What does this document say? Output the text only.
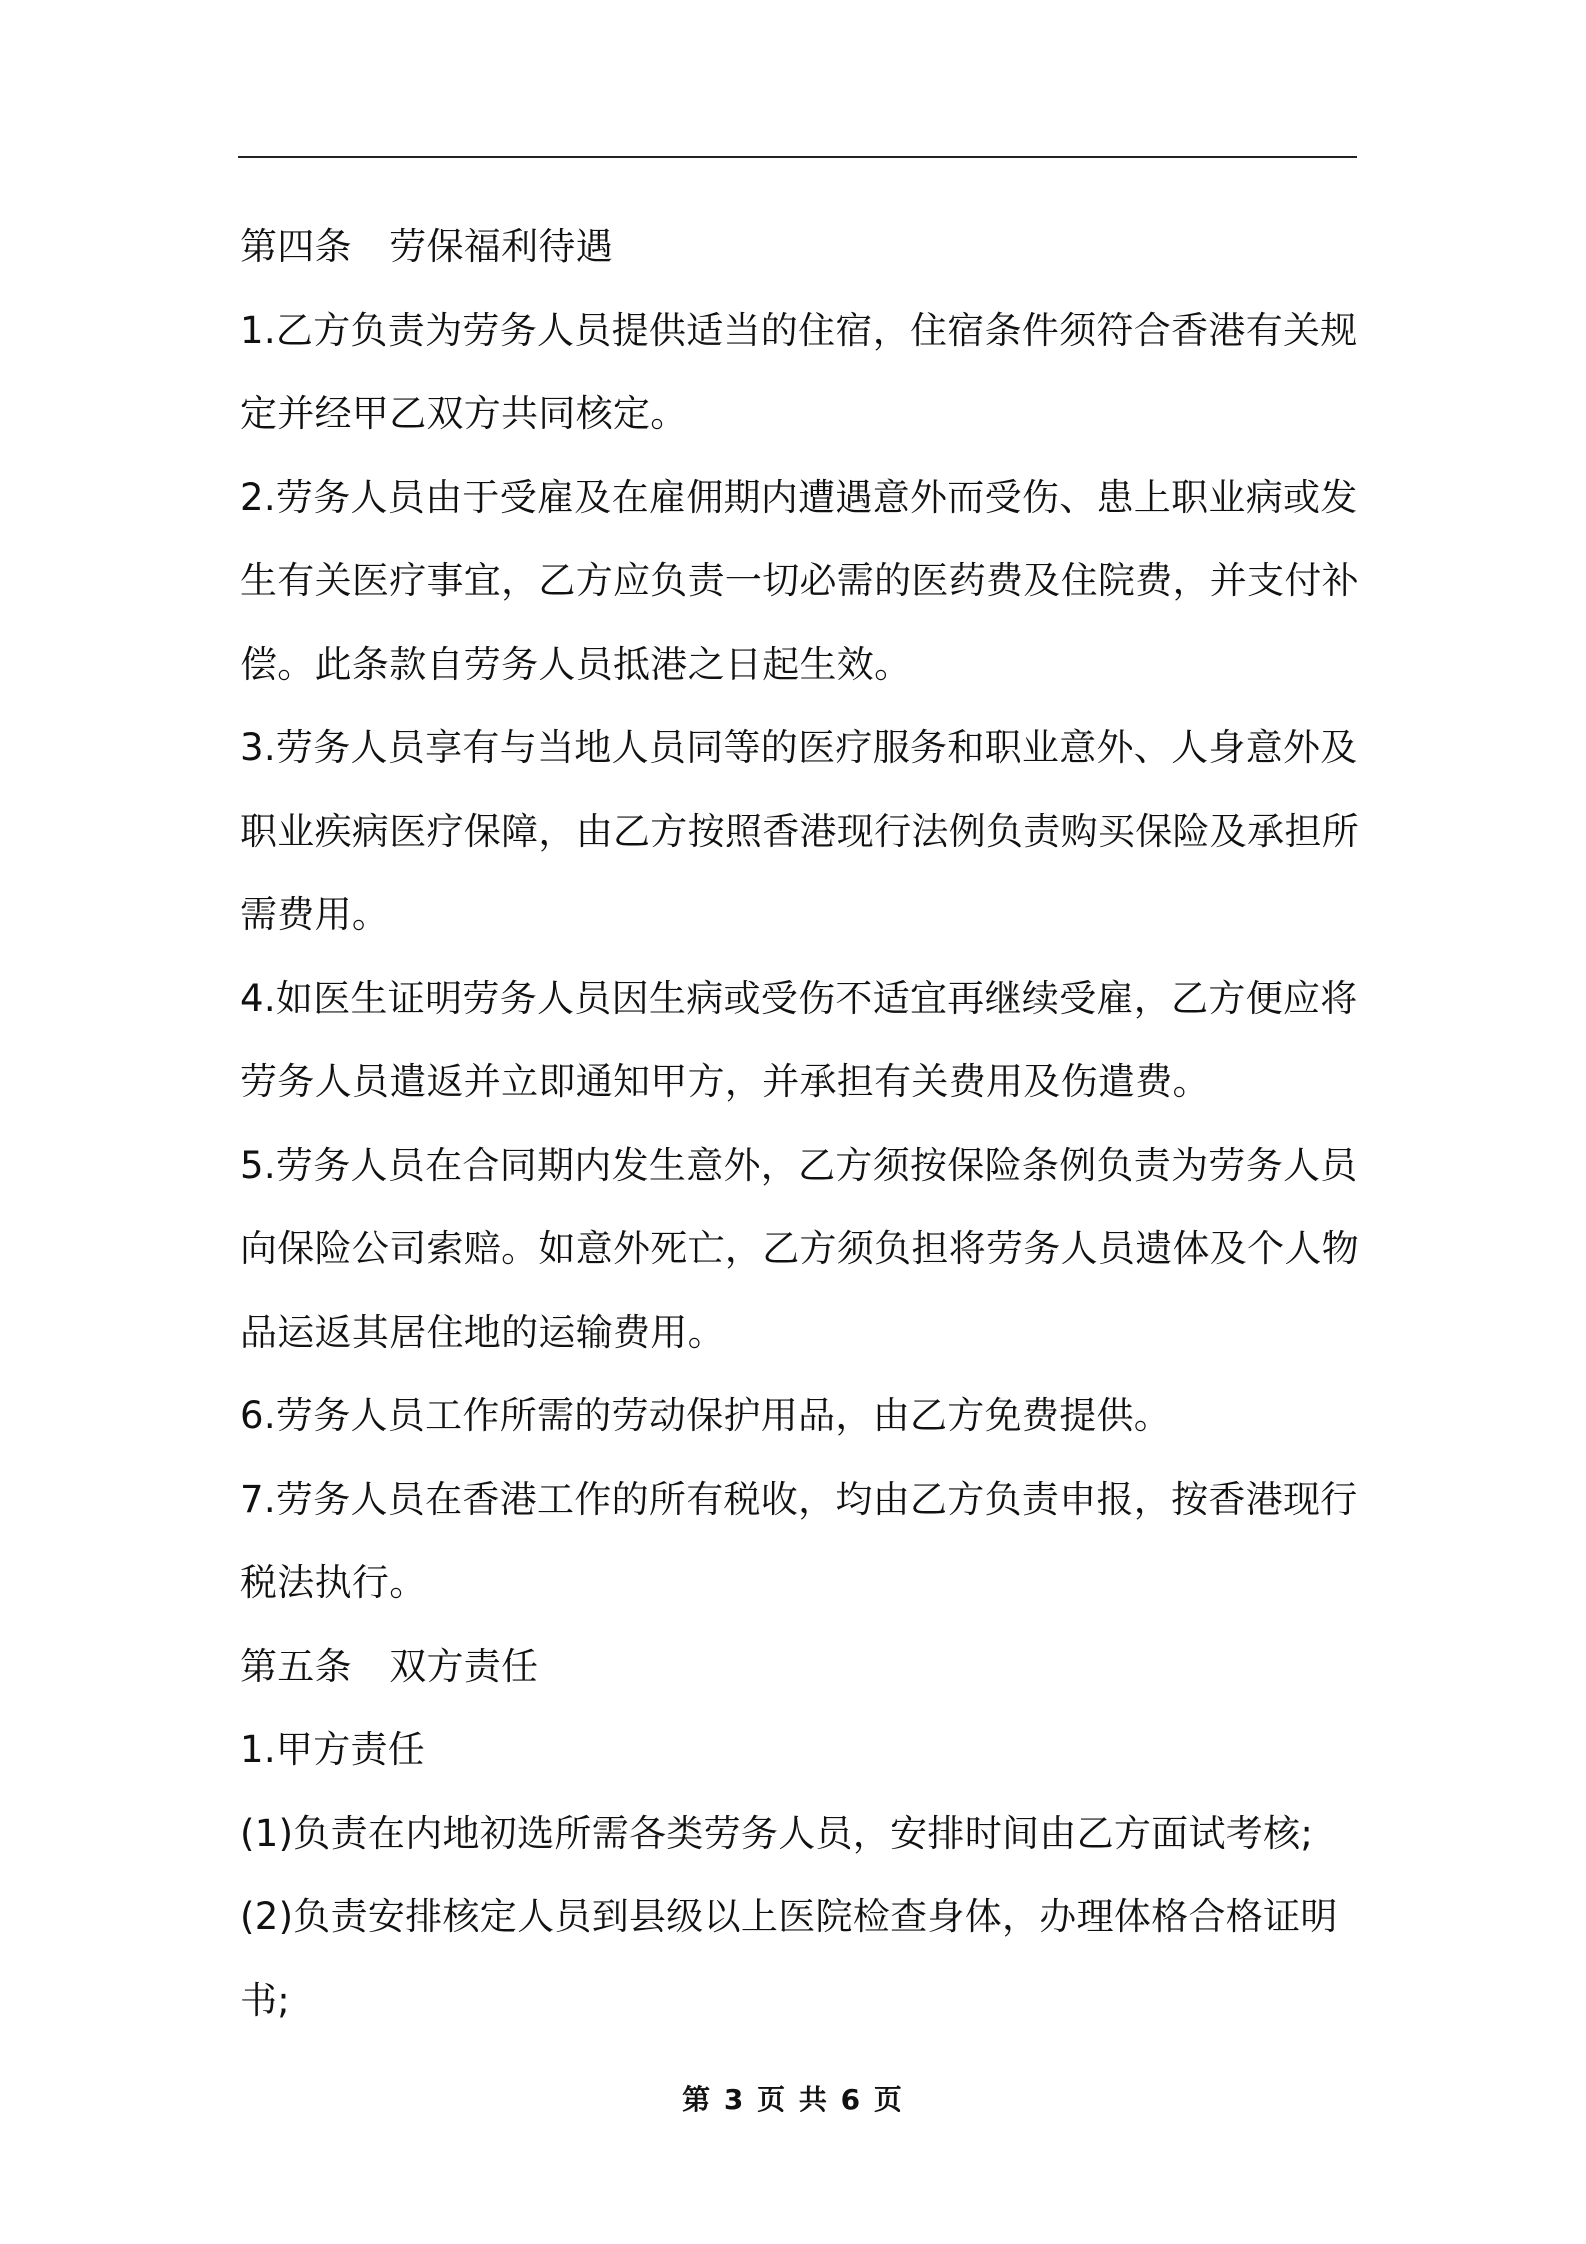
第四条　劳保福利待遇
1.乙方负责为劳务人员提供适当的住宿，住宿条件须符合香港有关规
定并经甲乙双方共同核定。
2.劳务人员由于受雇及在雇佣期内遭遇意外而受伤、患上职业病或发
生有关医疗事宜，乙方应负责一切必需的医药费及住院费，并支付补
偿。此条款自劳务人员抵港之日起生效。
3.劳务人员享有与当地人员同等的医疗服务和职业意外、人身意外及
职业疾病医疗保障，由乙方按照香港现行法例负责购买保险及承担所
需费用。
4.如医生证明劳务人员因生病或受伤不适宜再继续受雇，乙方便应将
劳务人员遣返并立即通知甲方，并承担有关费用及伤遣费。
5.劳务人员在合同期内发生意外，乙方须按保险条例负责为劳务人员
向保险公司索赔。如意外死亡，乙方须负担将劳务人员遗体及个人物
品运返其居住地的运输费用。
6.劳务人员工作所需的劳动保护用品，由乙方免费提供。
7.劳务人员在香港工作的所有税收，均由乙方负责申报，按香港现行
税法执行。
第五条　双方责任
1.甲方责任
(1)负责在内地初选所需各类劳务人员，安排时间由乙方面试考核;
(2)负责安排核定人员到县级以上医院检查身体，办理体格合格证明
书;
第 3 页 共 6 页
